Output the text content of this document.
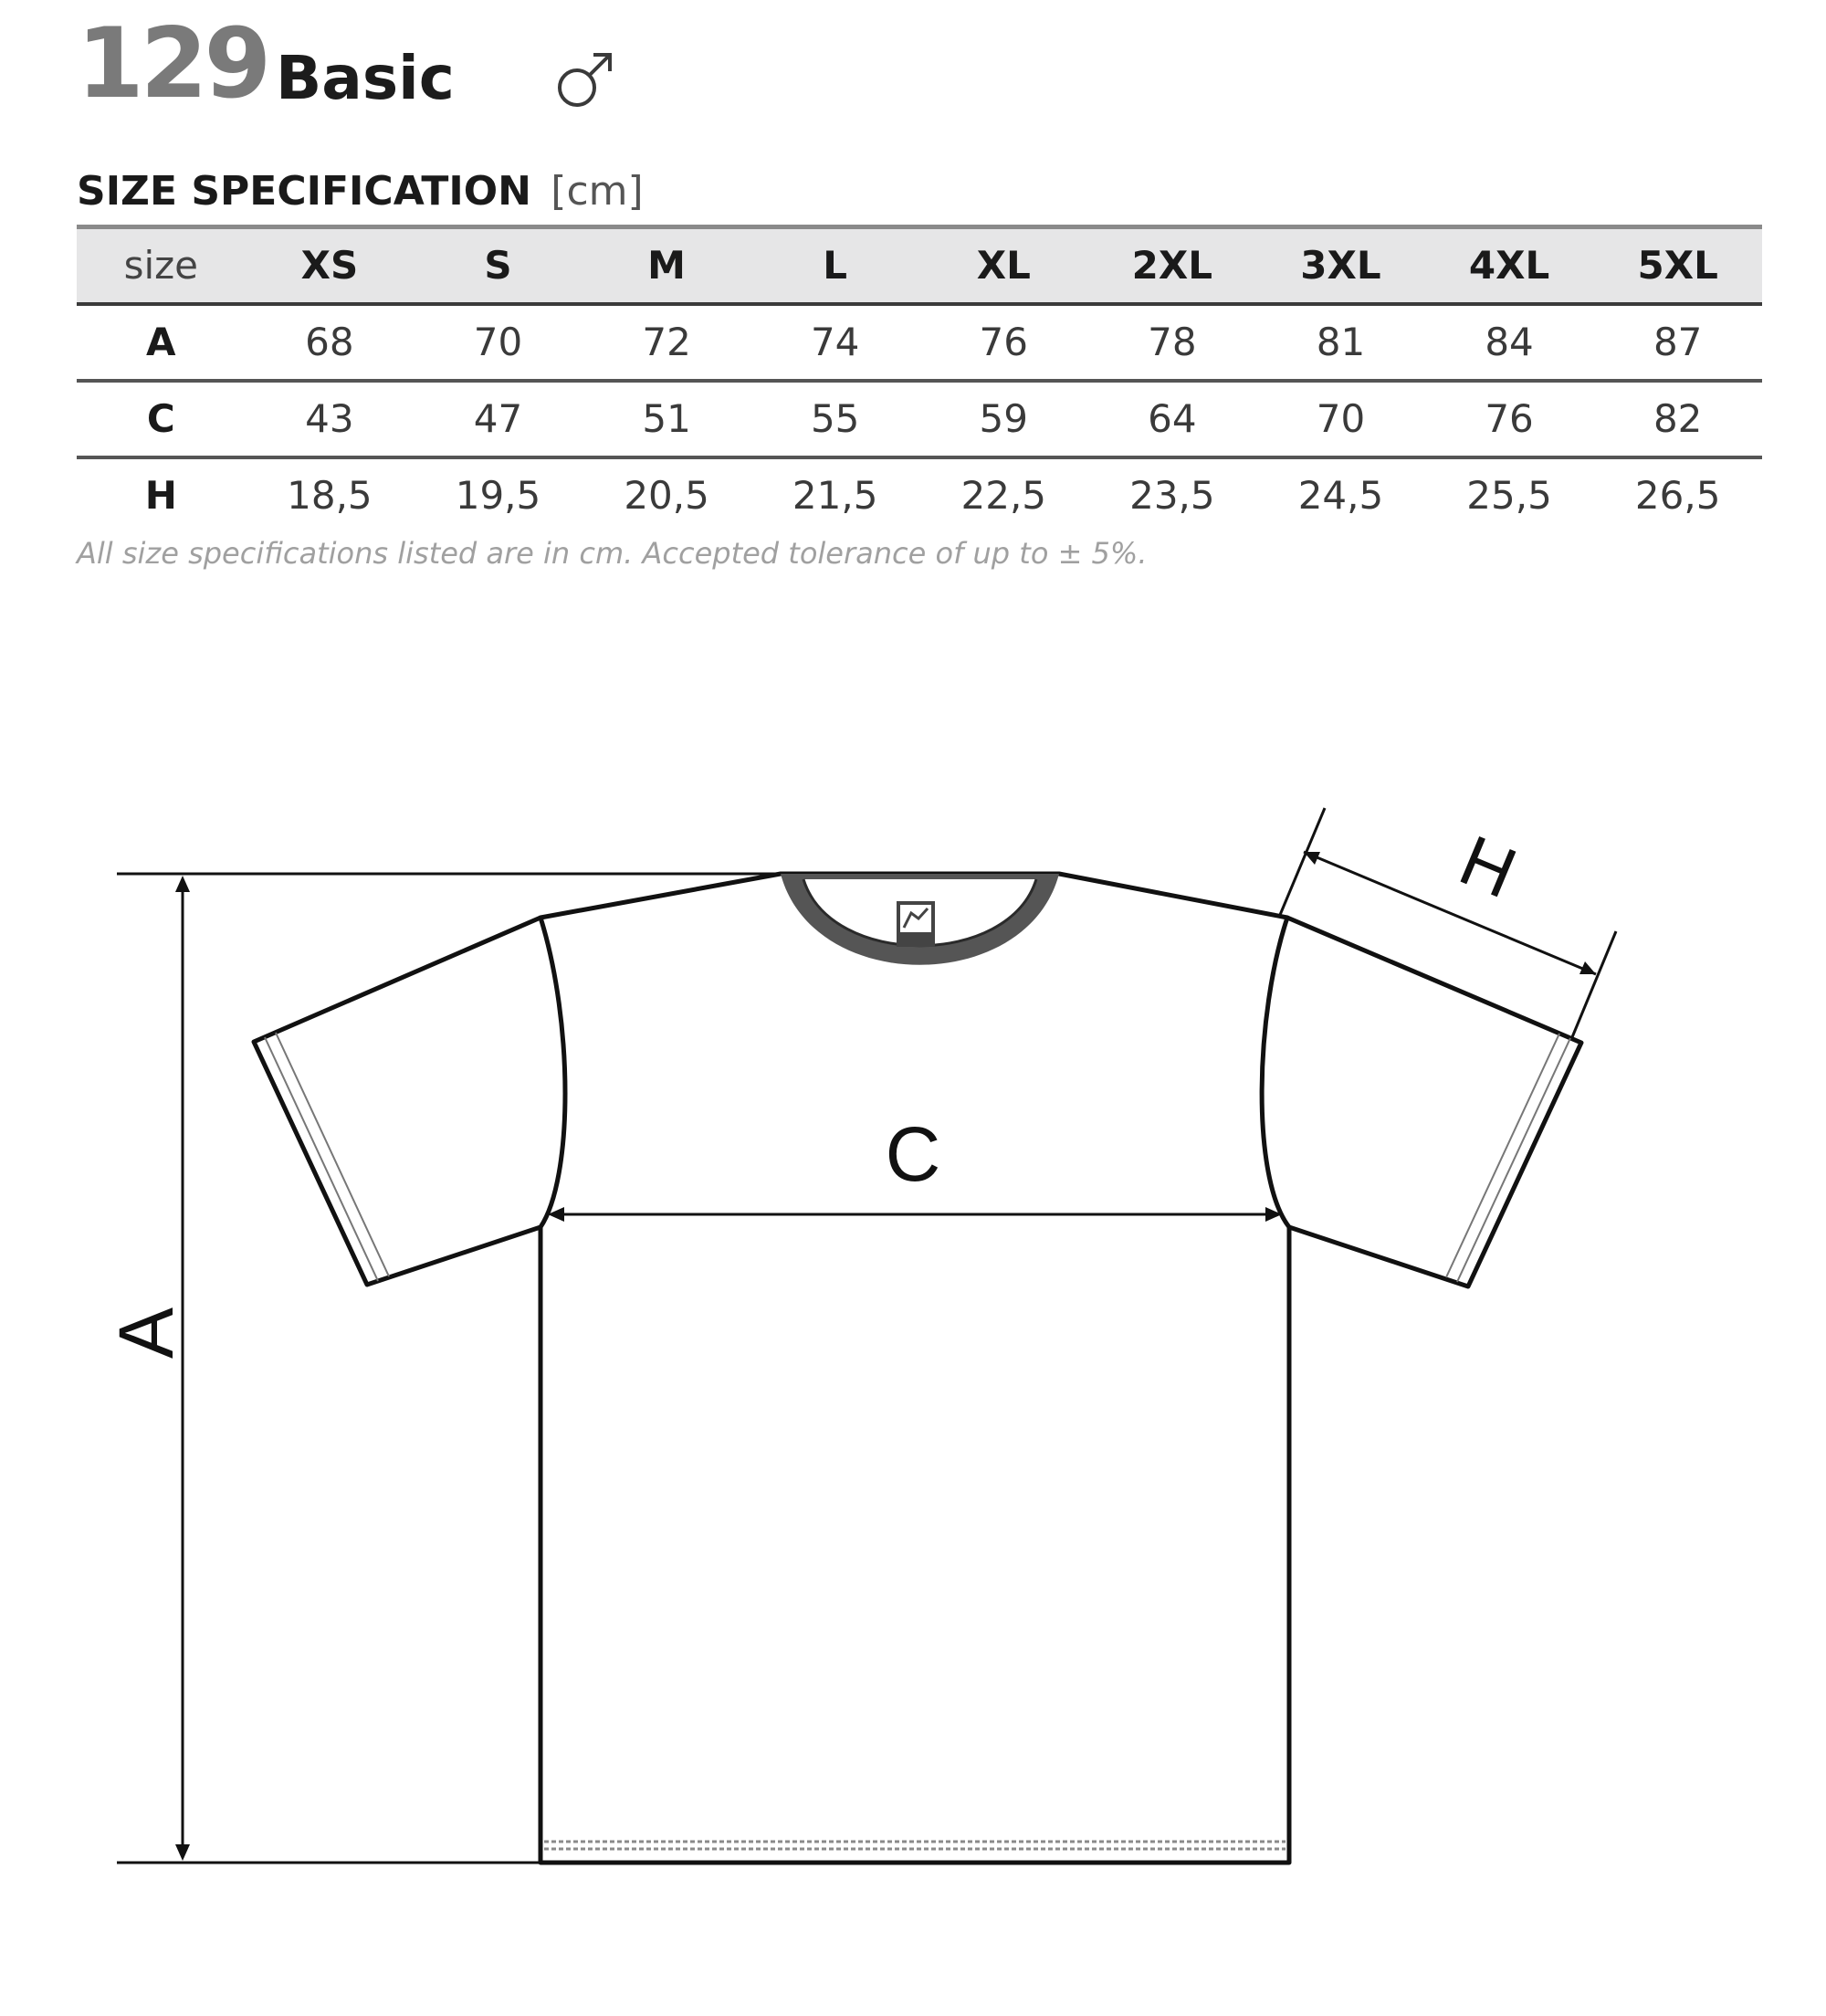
129 Basic
SIZE SPECIFICATION [cm]
size	XS	S	M	L	XL	2XL	3XL	4XL	5XL
A	68	70	72	74	76	78	81	84	87
C	43	47	51	55	59	64	70	76	82
H	18,5	19,5	20,5	21,5	22,5	23,5	24,5	25,5	26,5
All size specifications listed are in cm. Accepted tolerance of up to ± 5%.
A
C
H
